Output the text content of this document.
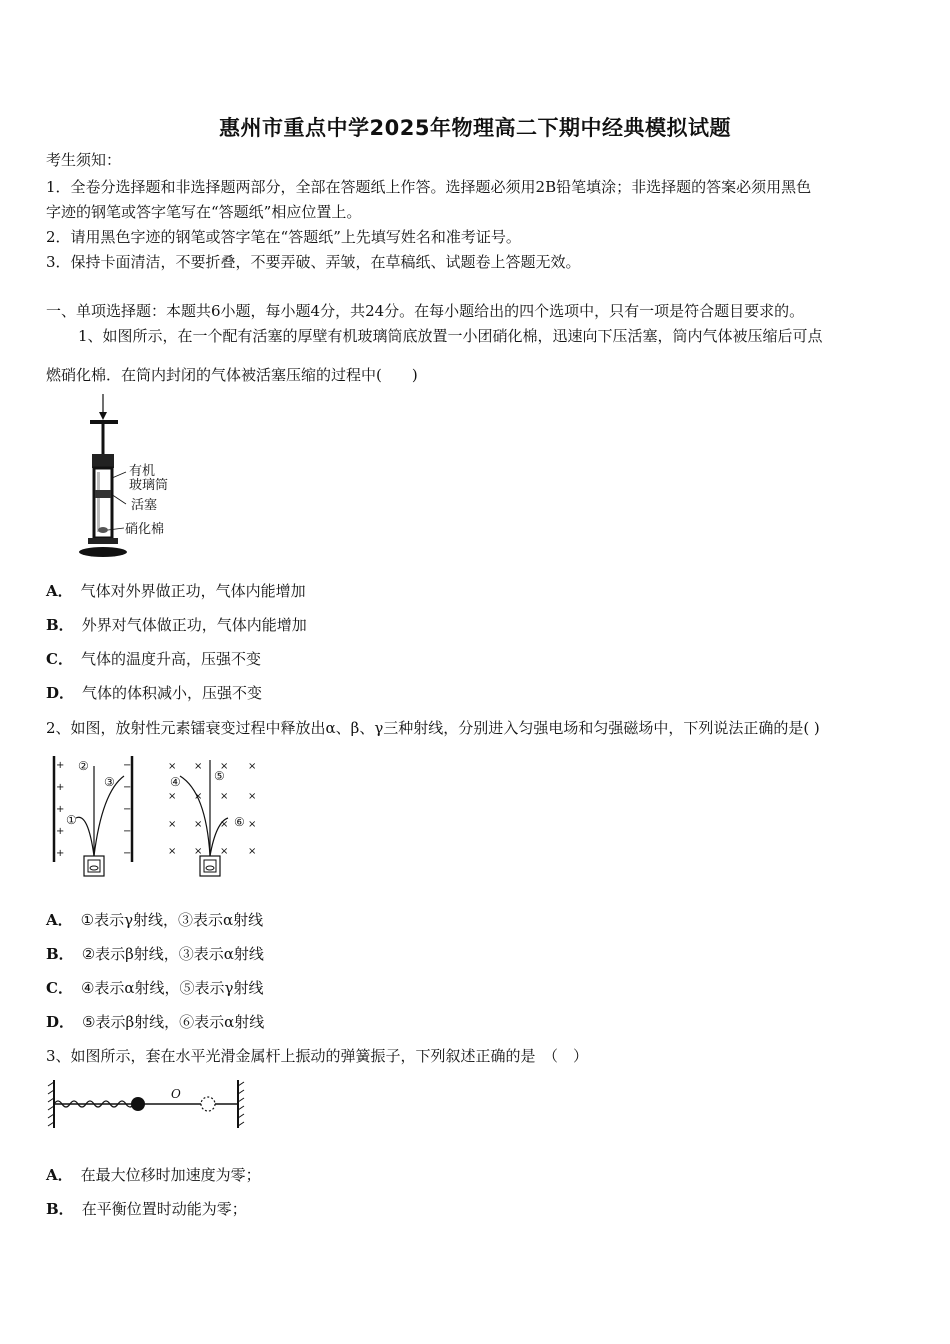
惠州市重点中学2025年物理高二下期中经典模拟试题
考生须知：
1．全卷分选择题和非选择题两部分，全部在答题纸上作答。选择题必须用2B铅笔填涂；非选择题的答案必须用黑色
字迹的钢笔或答字笔写在“答题纸”相应位置上。
2．请用黑色字迹的钢笔或答字笔在“答题纸”上先填写姓名和准考证号。
3．保持卡面清洁，不要折叠，不要弄破、弄皱，在草稿纸、试题卷上答题无效。
一、单项选择题：本题共6小题，每小题4分，共24分。在每小题给出的四个选项中，只有一项是符合题目要求的。
1、如图所示，在一个配有活塞的厚壁有机玻璃筒底放置一小团硝化棉，迅速向下压活塞，筒内气体被压缩后可点
燃硝化棉．在筒内封闭的气体被活塞压缩的过程中(　　)
有机
玻璃筒
活塞
硝化棉
A． 气体对外界做正功，气体内能增加
B． 外界对气体做正功，气体内能增加
C． 气体的温度升高，压强不变
D． 气体的体积减小，压强不变
2、如图，放射性元素镭衰变过程中释放出α、β、γ三种射线，分别进入匀强电场和匀强磁场中，下列说法正确的是( )
+
+
+
+
+
−
−
−
−
−
× × × ×
× × × ×
× × × ×
× × × ×
①
②
③	④	⑤
⑥
A． ①表示γ射线，③表示α射线
B． ②表示β射线，③表示α射线
C． ④表示α射线，⑤表示γ射线
D． ⑤表示β射线，⑥表示α射线
3、如图所示，套在水平光滑金属杆上振动的弹簧振子，下列叙述正确的是　（　）
O
A． 在最大位移时加速度为零；
B． 在平衡位置时动能为零；
